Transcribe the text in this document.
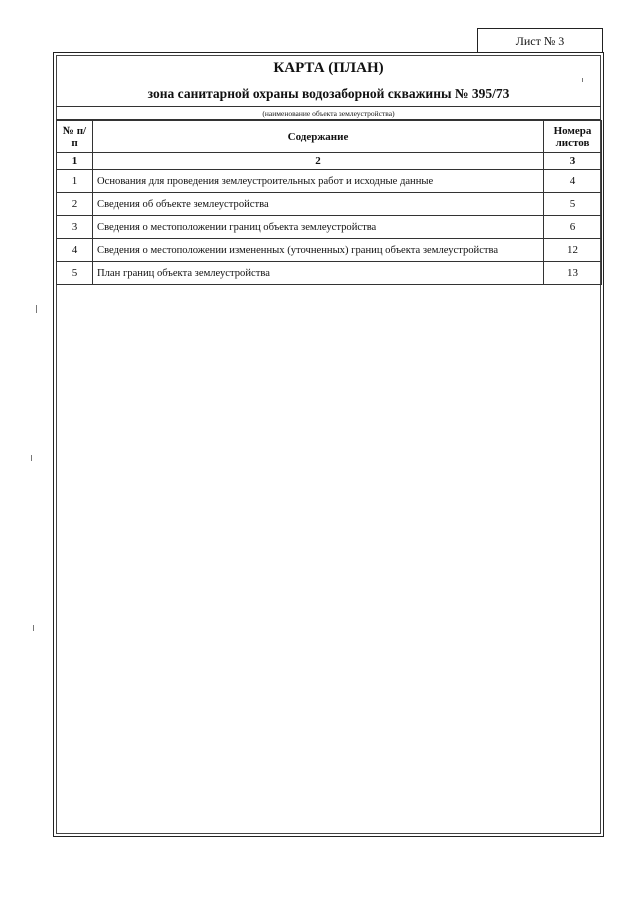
Лист № 3
КАРТА (ПЛАН)
зона санитарной охраны водозаборной скважины № 395/73
(наименование объекта землеустройства)
№ п/п	Содержание	Номера листов
1	2	3
1	Основания для проведения землеустроительных работ и исходные данные	4
2	Сведения об объекте землеустройства	5
3	Сведения о местоположении границ объекта землеустройства	6
4	Сведения о местоположении измененных (уточненных) границ объекта землеустройства	12
5	План границ объекта землеустройства	13
